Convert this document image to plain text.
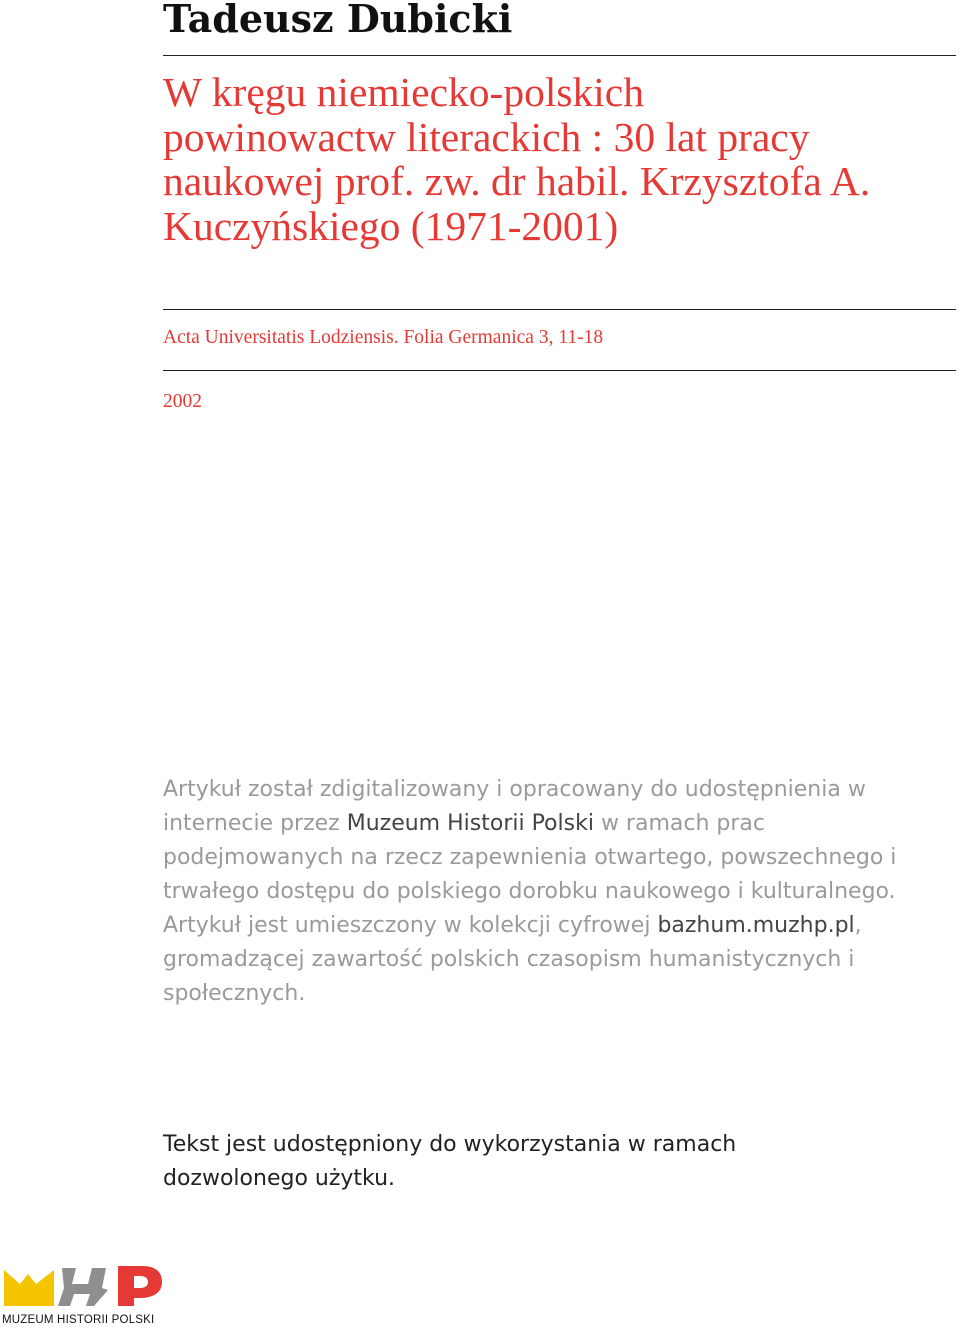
Tadeusz Dubicki
W kręgu niemiecko-polskich powinowactw literackich : 30 lat pracy naukowej prof. zw. dr habil. Krzysztofa A. Kuczyńskiego (1971-2001)

Acta Universitatis Lodziensis. Folia Germanica 3, 11-18

2002

Artykuł został zdigitalizowany i opracowany do udostępnienia w internecie przez Muzeum Historii Polski w ramach prac podejmowanych na rzecz zapewnienia otwartego, powszechnego i trwałego dostępu do polskiego dorobku naukowego i kulturalnego. Artykuł jest umieszczony w kolekcji cyfrowej bazhum.muzhp.pl, gromadzącej zawartość polskich czasopism humanistycznych i społecznych.

Tekst jest udostępniony do wykorzystania w ramach dozwolonego użytku.

MUZEUM HISTORII POLSKI
